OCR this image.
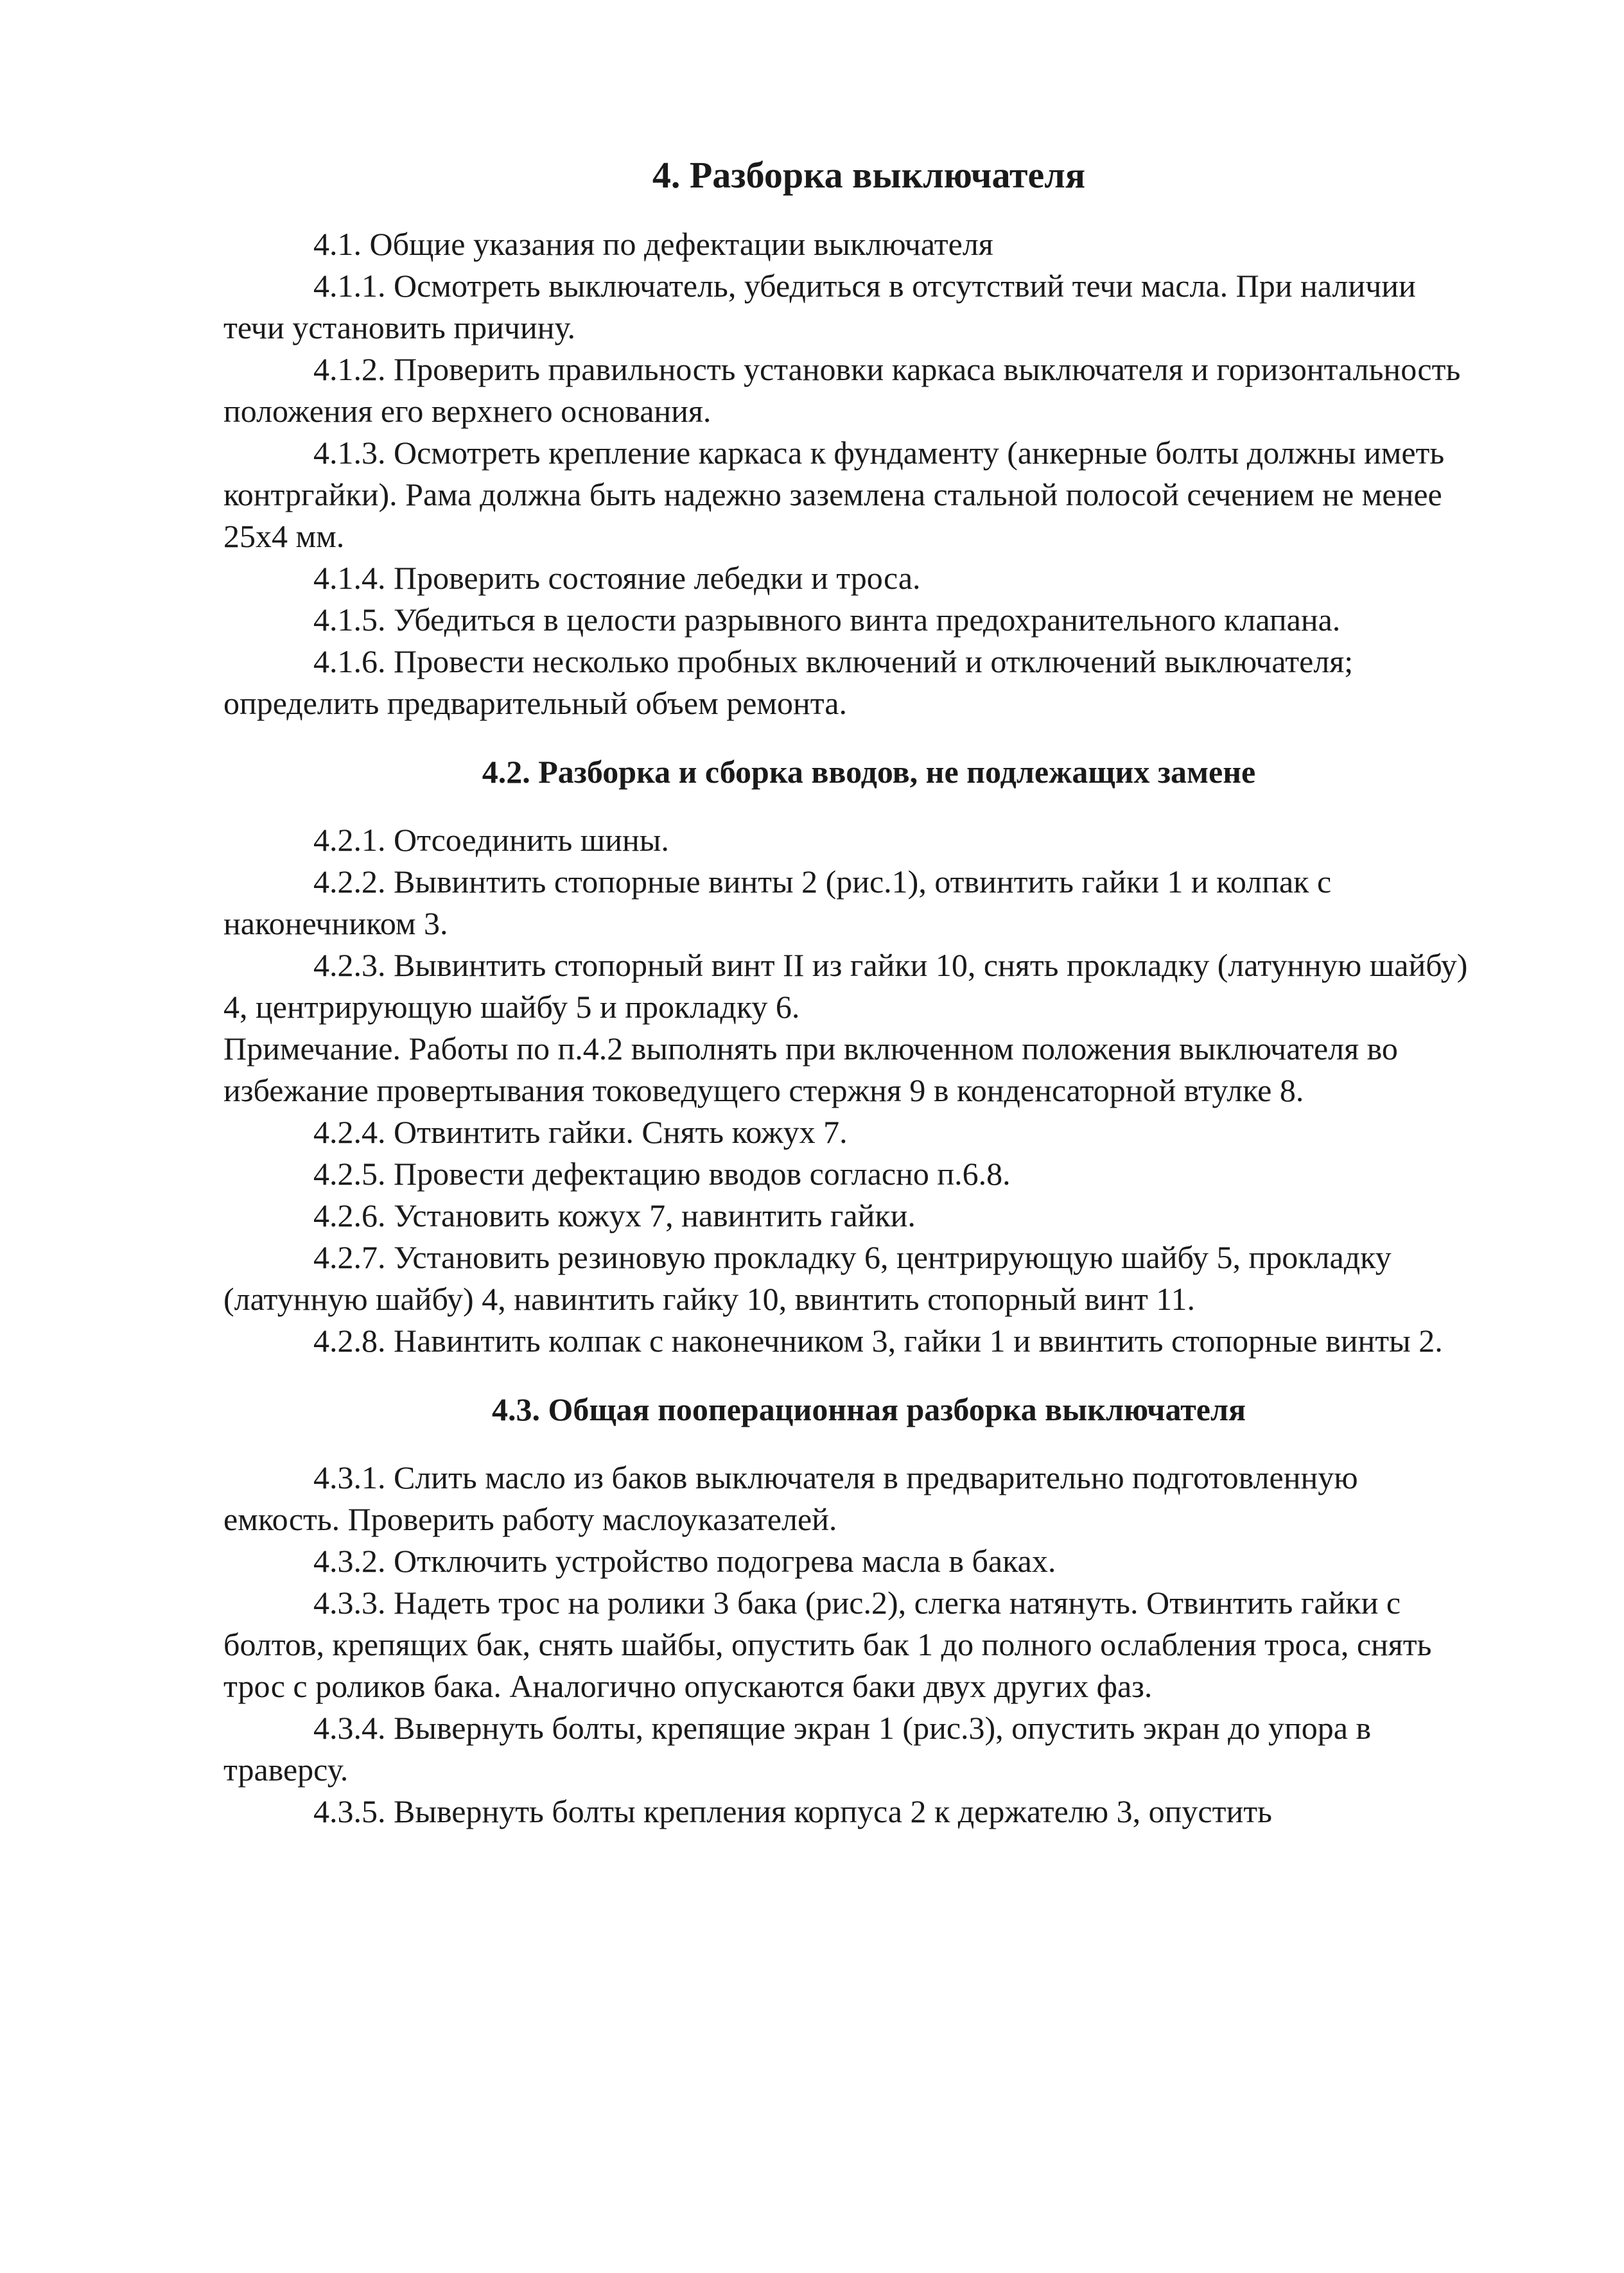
4. Разборка выключателя

4.1. Общие указания по дефектации выключателя

4.1.1. Осмотреть выключатель, убедиться в отсутствий течи масла. При наличии течи установить причину.

4.1.2. Проверить правильность установки каркаса выключателя и горизонтальность положения его верхнего основания.

4.1.3. Осмотреть крепление каркаса к фундаменту (анкерные болты должны иметь контргайки). Рама должна быть надежно заземлена стальной полосой сечением не менее 25х4 мм.

4.1.4. Проверить состояние лебедки и троса.

4.1.5. Убедиться в целости разрывного винта предохранительного клапана.

4.1.6. Провести несколько пробных включений и отключений выключателя; определить предварительный объем ремонта.

4.2. Разборка и сборка вводов, не подлежащих замене

4.2.1. Отсоединить шины.

4.2.2. Вывинтить стопорные винты 2 (рис.1), отвинтить гайки 1 и колпак с наконечником 3.

4.2.3. Вывинтить стопорный винт II из гайки 10, снять прокладку (латунную шайбу) 4, центрирующую шайбу 5 и прокладку 6.

Примечание. Работы по п.4.2 выполнять при включенном положения выключателя во избежание провертывания токоведущего стержня 9 в конденсаторной втулке 8.

4.2.4. Отвинтить гайки. Снять кожух 7.

4.2.5. Провести дефектацию вводов согласно п.6.8.

4.2.6. Установить кожух 7, навинтить гайки.

4.2.7. Установить резиновую прокладку 6, центрирующую шайбу 5, прокладку (латунную шайбу) 4, навинтить гайку 10, ввинтить стопорный винт 11.

4.2.8. Навинтить колпак с наконечником 3, гайки 1 и ввинтить стопорные винты 2.

4.3. Общая пооперационная разборка выключателя

4.3.1. Слить масло из баков выключателя в предварительно подготовленную емкость. Проверить работу маслоуказателей.

4.3.2. Отключить устройство подогрева масла в баках.

4.3.3. Надеть трос на ролики 3 бака (рис.2), слегка натянуть. Отвинтить гайки с болтов, крепящих бак, снять шайбы, опустить бак 1 до полного ослабления троса, снять трос с роликов бака. Аналогично опускаются баки двух других фаз.

4.3.4. Вывернуть болты, крепящие экран 1 (рис.3), опустить экран до упора в траверсу.

4.3.5. Вывернуть болты крепления корпуса 2 к держателю 3, опустить
